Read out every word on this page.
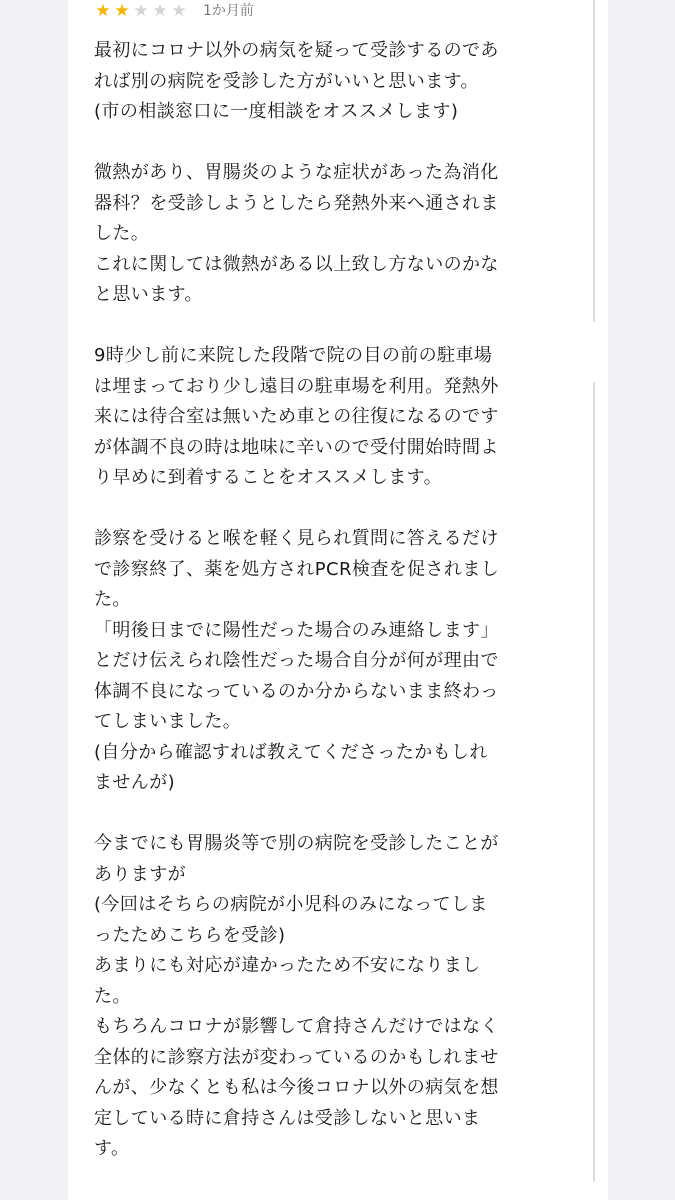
★ ★ ★ ★ ★ 1か月前
最初にコロナ以外の病気を疑って受診するのであ
れば別の病院を受診した方がいいと思います。
(市の相談窓口に一度相談をオススメします)

微熱があり、胃腸炎のような症状があった為消化
器科？を受診しようとしたら発熱外来へ通されま
した。
これに関しては微熱がある以上致し方ないのかな
と思います。

9時少し前に来院した段階で院の目の前の駐車場
は埋まっており少し遠目の駐車場を利用。発熱外
来には待合室は無いため車との往復になるのです
が体調不良の時は地味に辛いので受付開始時間よ
り早めに到着することをオススメします。

診察を受けると喉を軽く見られ質問に答えるだけ
で診察終了、薬を処方されPCR検査を促されまし
た。
「明後日までに陽性だった場合のみ連絡します」
とだけ伝えられ陰性だった場合自分が何が理由で
体調不良になっているのか分からないまま終わっ
てしまいました。
(自分から確認すれば教えてくださったかもしれ
ませんが)

今までにも胃腸炎等で別の病院を受診したことが
ありますが
(今回はそちらの病院が小児科のみになってしま
ったためこちらを受診)
あまりにも対応が違かったため不安になりまし
た。
もちろんコロナが影響して倉持さんだけではなく
全体的に診察方法が変わっているのかもしれませ
んが、少なくとも私は今後コロナ以外の病気を想
定している時に倉持さんは受診しないと思いま
す。
